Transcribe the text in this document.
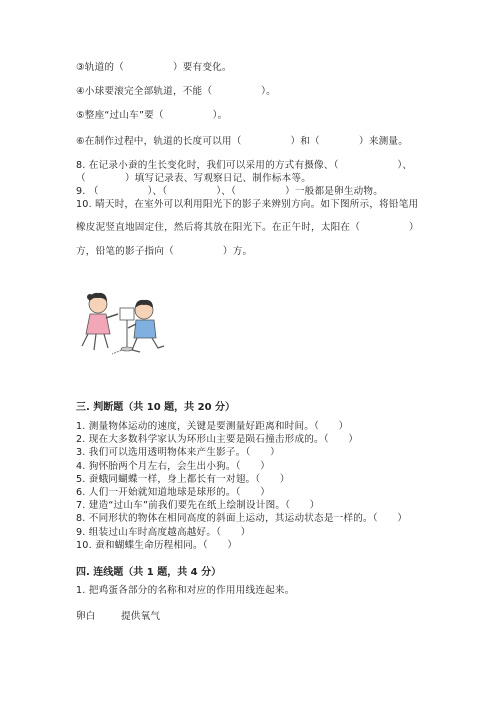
③轨道的（　　　　　）要有变化。
④小球要滚完全部轨道，不能（　　　　　）。
⑤整座“过山车”要（　　　　　）。
⑥在制作过程中，轨道的长度可以用（　　　　　）和（　　　　）来测量。
8. 在记录小蚕的生长变化时，我们可以采用的方式有摄像、（　　　　　　）、
（　　　　）填写记录表、写观察日记、制作标本等。
9. （　　　　　）、（　　　　　）、（　　　　　）一般都是卵生动物。
10. 晴天时，在室外可以利用阳光下的影子来辨别方向。如下图所示，将铅笔用
橡皮泥竖直地固定住，然后将其放在阳光下。在正午时，太阳在（　　　　　）
方，铅笔的影子指向（　　　　　）方。
三. 判断题（共 10 题，共 20 分）
1. 测量物体运动的速度，关键是要测量好距离和时间。（　　）
2. 现在大多数科学家认为环形山主要是陨石撞击形成的。（　　）
3. 我们可以选用透明物体来产生影子。（　　）
4. 狗怀胎两个月左右，会生出小狗。（　　）
5. 蚕蛾同蝴蝶一样，身上都长有一对翅。（　　）
6. 人们一开始就知道地球是球形的。（　　）
7. 建造“过山车”前我们要先在纸上绘制设计图。（　　）
8. 不同形状的物体在相同高度的斜面上运动，其运动状态是一样的。（　　）
9. 组装过山车时高度越高越好。（　　）
10. 蚕和蝴蝶生命历程相同。（　　）
四. 连线题（共 1 题，共 4 分）
1. 把鸡蛋各部分的名称和对应的作用用线连起来。
卵白	提供氧气
